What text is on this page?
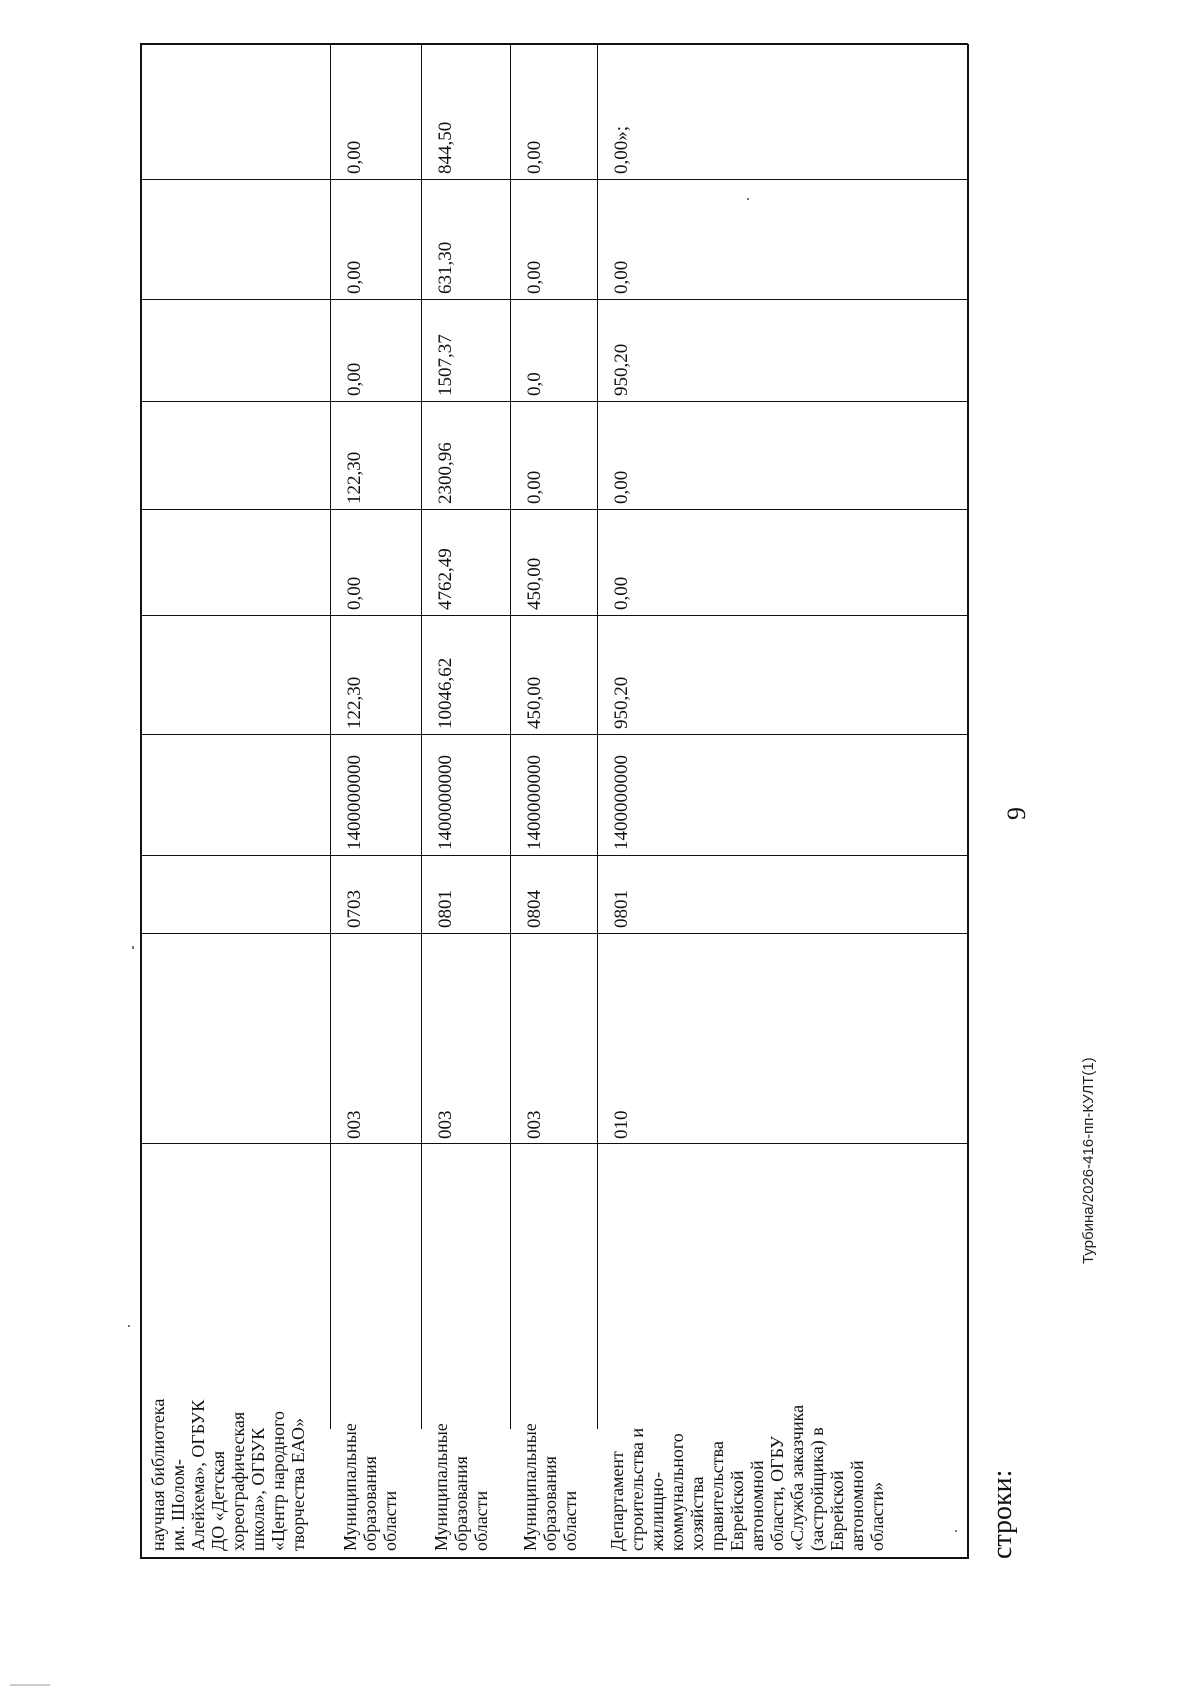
9
научная библиотека им. Шолом- Алейхема», ОГБУК ДО «Детская хореографическая школа», ОГБУК «Центр народного творчества ЕАО» Муниципальные образования области
003
0703
1400000000
122,30
0,00
122,30
0,00
0,00
0,00
Муниципальные образования области
003
0801
1400000000
10046,62
4762,49
2300,96
1507,37
631,30
844,50
Муниципальные образования области
003
0804
1400000000
450,00
450,00
0,00
0,0
0,00
0,00
Департамент строительства и жилищно- коммунального хозяйства правительства Еврейской автономной области, ОГБУ «Служба заказчика (застройщика) в Еврейской автономной области»
010
0801
1400000000
950,20
0,00
0,00
950,20
0,00
0,00»;
строки:
Турбина/2026-416-пп-КУЛТ(1)
